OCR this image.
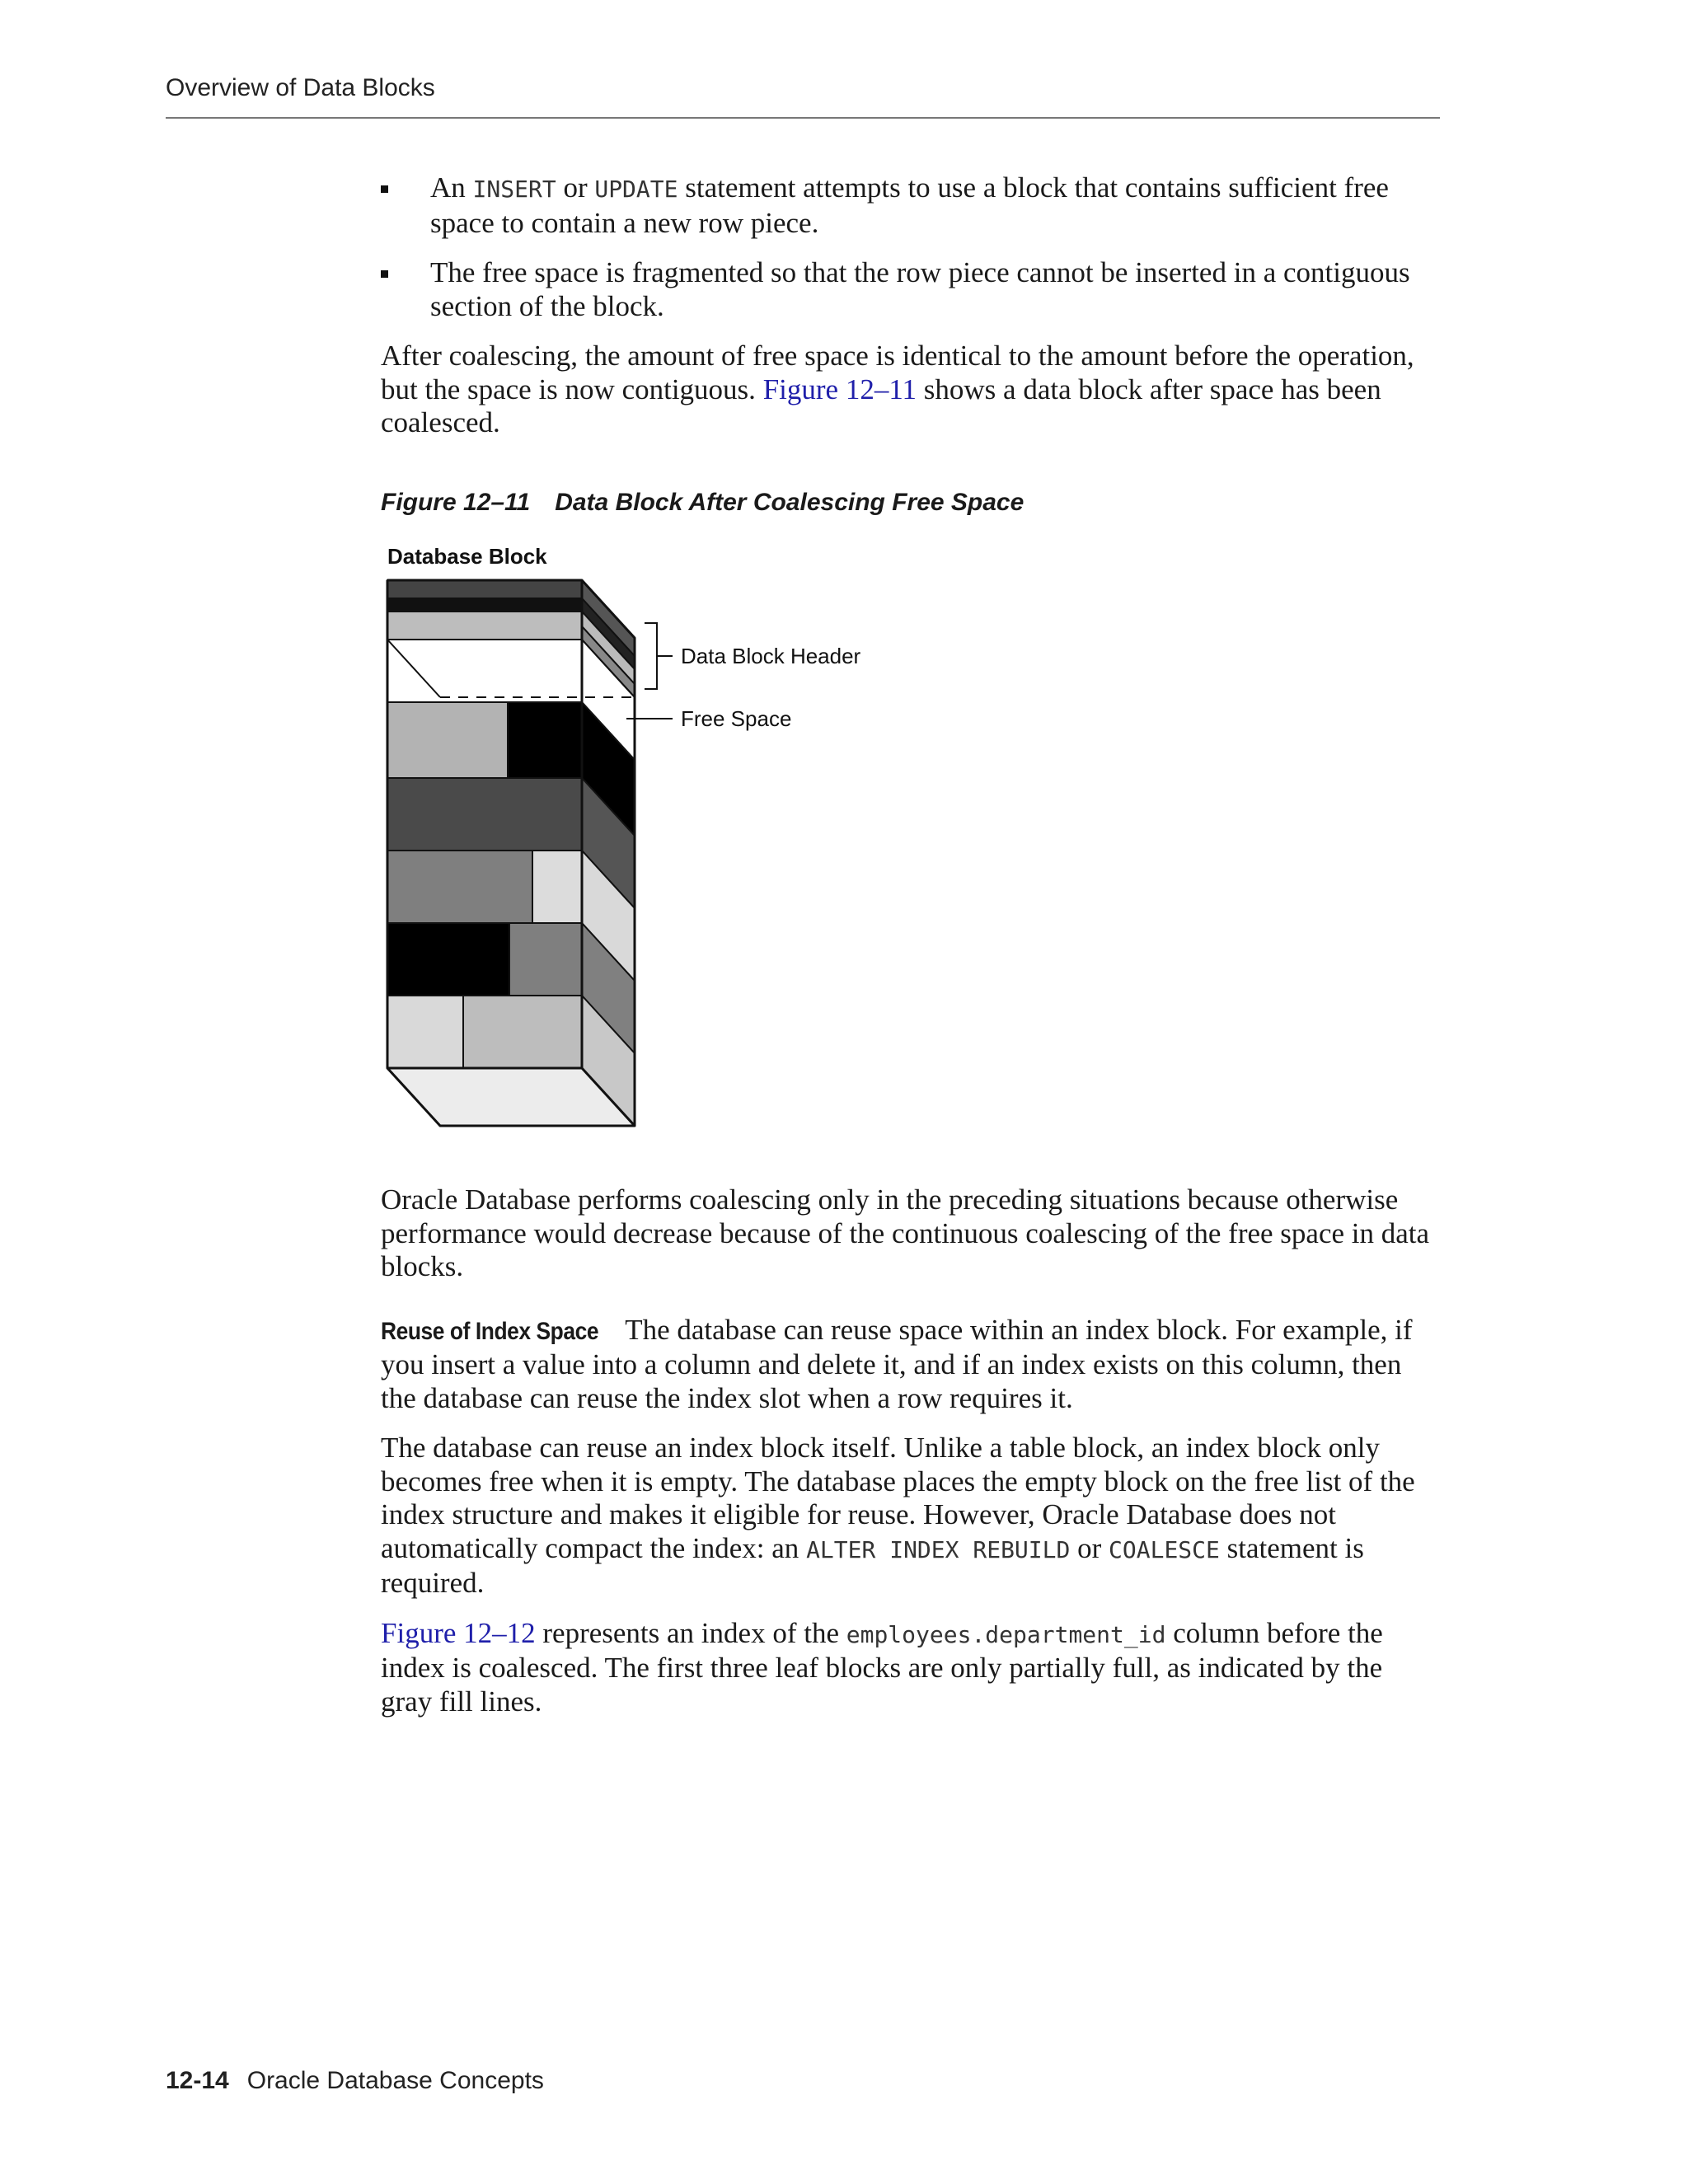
Overview of Data Blocks
An INSERT or UPDATE statement attempts to use a block that contains sufficient free space to contain a new row piece.
The free space is fragmented so that the row piece cannot be inserted in a contiguous section of the block.

After coalescing, the amount of free space is identical to the amount before the operation, but the space is now contiguous. Figure 12–11 shows a data block after space has been coalesced.

Figure 12–11 Data Block After Coalescing Free Space
Database Block
Data Block Header
Free Space

Oracle Database performs coalescing only in the preceding situations because otherwise performance would decrease because of the continuous coalescing of the free space in data blocks.

Reuse of Index Space The database can reuse space within an index block. For example, if you insert a value into a column and delete it, and if an index exists on this column, then the database can reuse the index slot when a row requires it.

The database can reuse an index block itself. Unlike a table block, an index block only becomes free when it is empty. The database places the empty block on the free list of the index structure and makes it eligible for reuse. However, Oracle Database does not automatically compact the index: an ALTER INDEX REBUILD or COALESCE statement is required.

Figure 12–12 represents an index of the employees.department_id column before the index is coalesced. The first three leaf blocks are only partially full, as indicated by the gray fill lines.

12-14 Oracle Database Concepts
